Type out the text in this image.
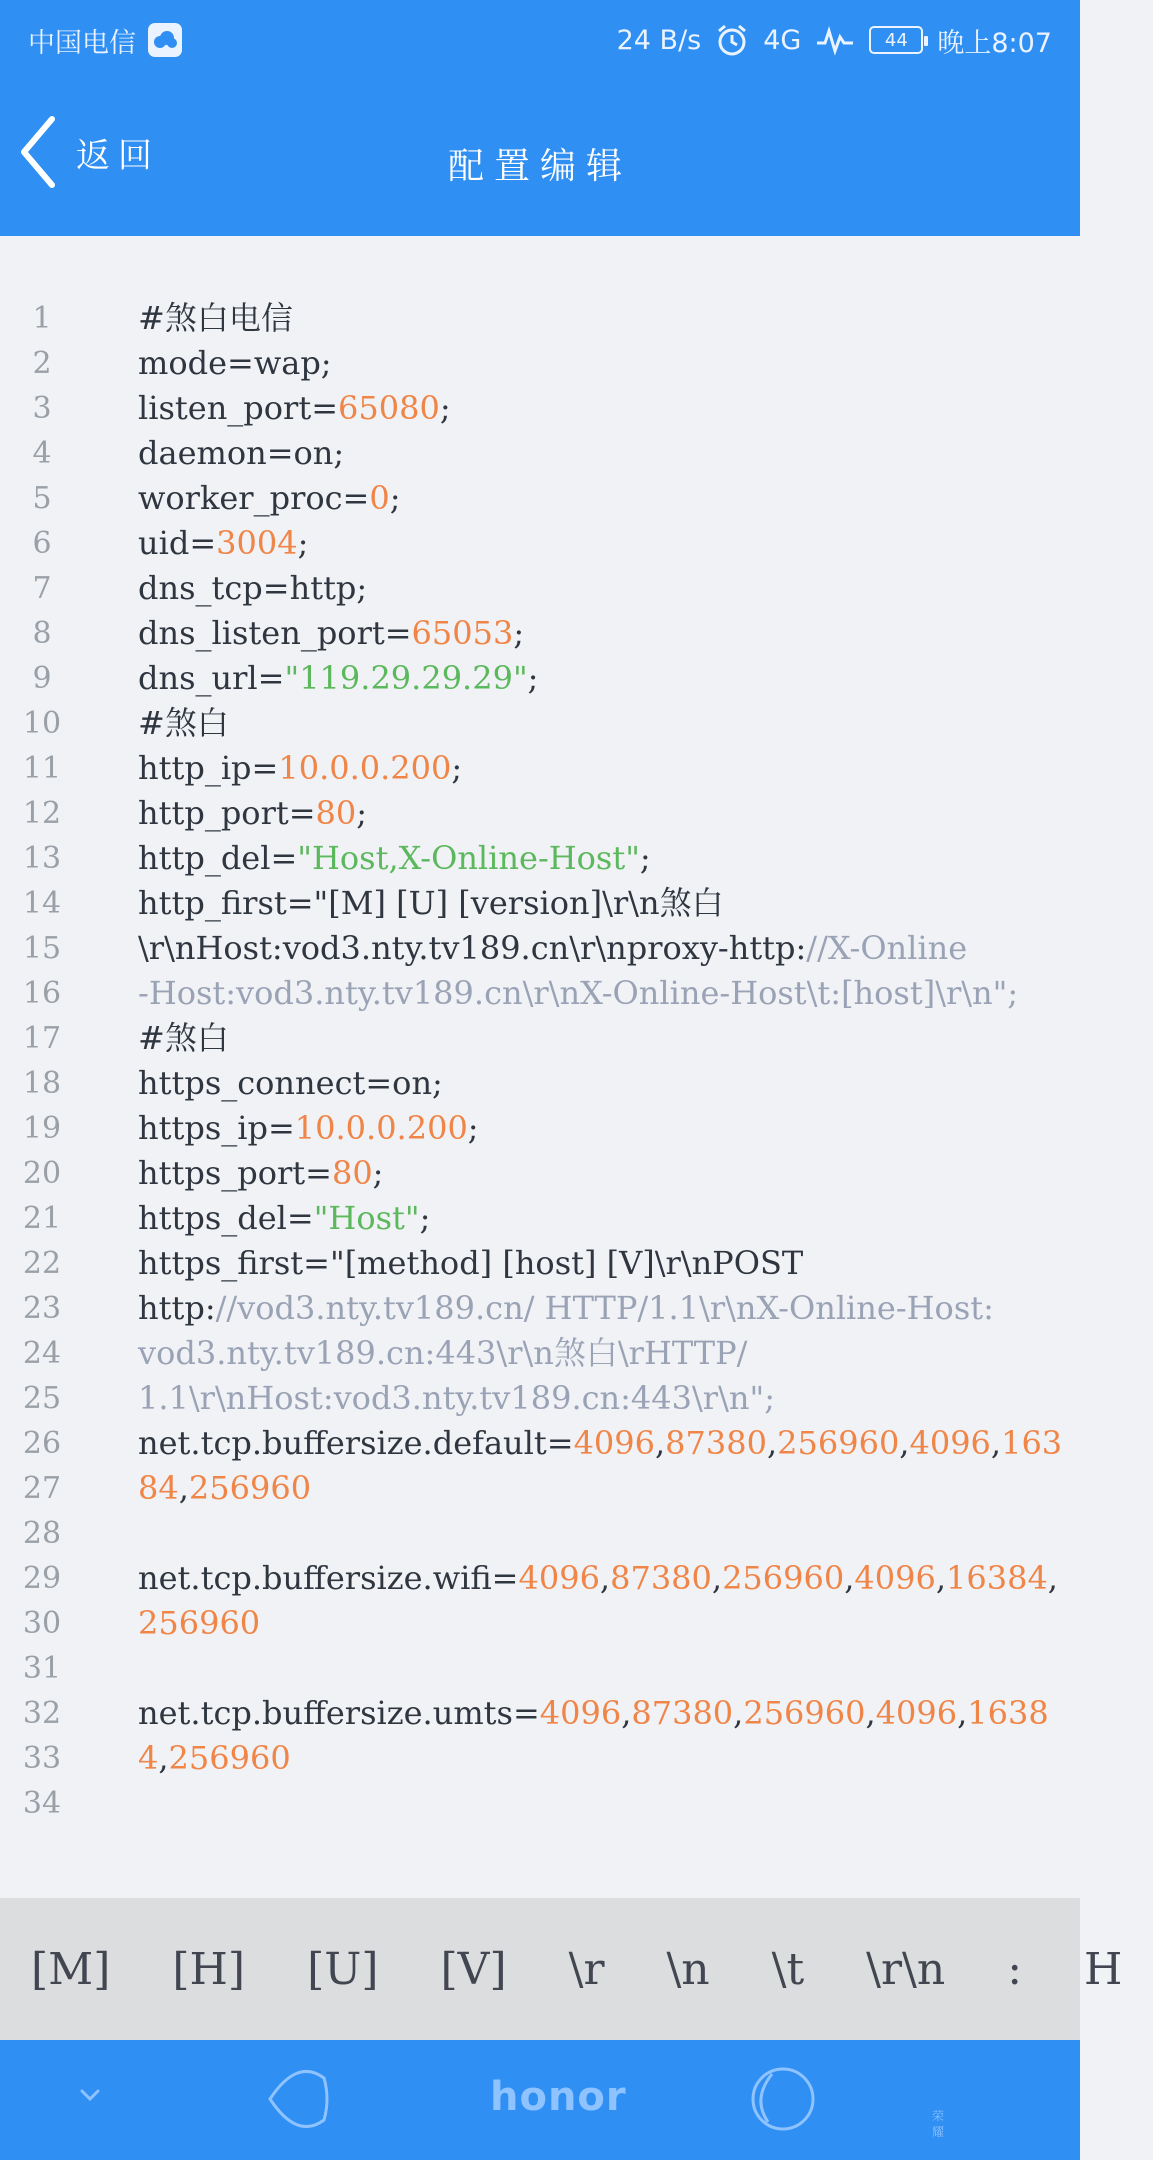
中国电信	24 B/s 4G	44 晚上8:07
返回	配置编辑
1	#煞白电信
2	mode=wap;
3	listen_port=65080;
4	daemon=on;
5	worker_proc=0;
6	uid=3004;
7	dns_tcp=http;
8	dns_listen_port=65053;
9	dns_url="119.29.29.29";
10	#煞白
11	http_ip=10.0.0.200;
12	http_port=80;
13	http_del="Host,X-Online-Host";
14	http_first="[M] [U] [version]\r\n煞白
15	\r\nHost:vod3.nty.tv189.cn\r\nproxy-http://X-Online
16	-Host:vod3.nty.tv189.cn\r\nX-Online-Host\t:[host]\r\n";
17	#煞白
18	https_connect=on;
19	https_ip=10.0.0.200;
20	https_port=80;
21	https_del="Host";
22	https_first="[method] [host] [V]\r\nPOST
23	http://vod3.nty.tv189.cn/ HTTP/1.1\r\nX-Online-Host:
24	vod3.nty.tv189.cn:443\r\n煞白\rHTTP/
25	1.1\r\nHost:vod3.nty.tv189.cn:443\r\n";
26	net.tcp.buffersize.default=4096,87380,256960,4096,163
27	84,256960
28
29	net.tcp.buffersize.wifi=4096,87380,256960,4096,16384,
30	256960
31
32	net.tcp.buffersize.umts=4096,87380,256960,4096,1638
33	4,256960
34
[M]	[H]	[U]	[V]	\r	\n	\t	\r\n	:	H
荣耀
honor
